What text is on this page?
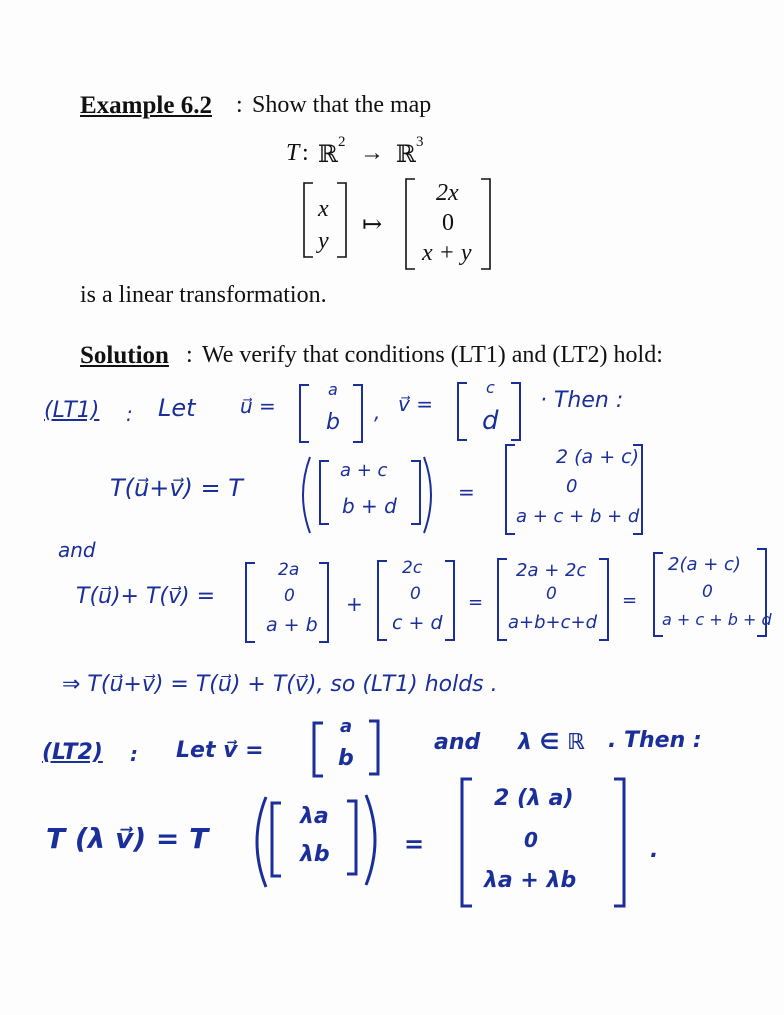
Example 6.2 : Show that the map
T : ℝ 2 → ℝ 3
x
y
↦
2x
0
x + y
is a linear transformation.
Solution : We verify that conditions (LT1) and (LT2) hold:
(LT1) : Let u⃗ =
a
b , v⃗ =
c
d
· Then :
T(u⃗+v⃗) = T
a + c
b + d
=
2 (a + c)
0
a + c + b + d
and
T(u⃗)+ T(v⃗) =
2a
0
a + b
+
2c
0
c + d
=
2a + 2c
0
a+b+c+d
=
2(a + c)
0
a + c + b + d
⇒ T(u⃗+v⃗) = T(u⃗) + T(v⃗), so (LT1) holds .
(LT2) : Let v⃗ =
a
b
and λ ∈ ℝ . Then :
T (λ v⃗) = T
λa
λb	=
2 (λ a)
0
λa + λb
.
